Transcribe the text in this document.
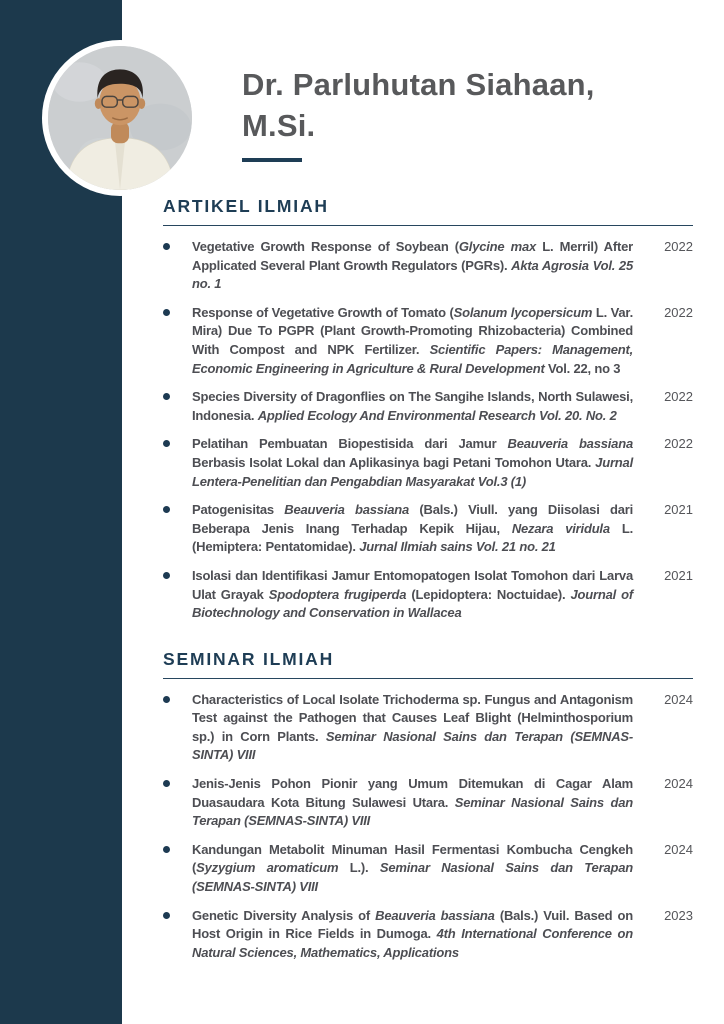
Dr. Parluhutan Siahaan,
M.Si.
ARTIKEL ILMIAH

Vegetative Growth Response of Soybean (Glycine max L. Merril) After Applicated Several Plant Growth Regulators (PGRs). Akta Agrosia Vol. 25 no. 1

2022

Response of Vegetative Growth of Tomato (Solanum lycopersicum L. Var. Mira) Due To PGPR (Plant Growth-Promoting Rhizobacteria) Combined With Compost and NPK Fertilizer. Scientific Papers: Management, Economic Engineering in Agriculture & Rural Development Vol. 22, no 3

2022

Species Diversity of Dragonflies on The Sangihe Islands, North Sulawesi, Indonesia. Applied Ecology And Environmental Research Vol. 20. No. 2

2022

Pelatihan Pembuatan Biopestisida dari Jamur Beauveria bassiana Berbasis Isolat Lokal dan Aplikasinya bagi Petani Tomohon Utara. Jurnal Lentera-Penelitian dan Pengabdian Masyarakat Vol.3 (1)

2022

Patogenisitas Beauveria bassiana (Bals.) Viull. yang Diisolasi dari Beberapa Jenis Inang Terhadap Kepik Hijau, Nezara viridula L. (Hemiptera: Pentatomidae). Jurnal Ilmiah sains Vol. 21 no. 21

2021

Isolasi dan Identifikasi Jamur Entomopatogen Isolat Tomohon dari Larva Ulat Grayak Spodoptera frugiperda (Lepidoptera: Noctuidae). Journal of Biotechnology and Conservation in Wallacea

2021
SEMINAR ILMIAH

Characteristics of Local Isolate Trichoderma sp. Fungus and Antagonism Test against the Pathogen that Causes Leaf Blight (Helminthosporium sp.) in Corn Plants. Seminar Nasional Sains dan Terapan (SEMNAS-SINTA) VIII

2024

Jenis-Jenis Pohon Pionir yang Umum Ditemukan di Cagar Alam Duasaudara Kota Bitung Sulawesi Utara. Seminar Nasional Sains dan Terapan (SEMNAS-SINTA) VIII

2024

Kandungan Metabolit Minuman Hasil Fermentasi Kombucha Cengkeh (Syzygium aromaticum L.). Seminar Nasional Sains dan Terapan (SEMNAS-SINTA) VIII

2024

Genetic Diversity Analysis of Beauveria bassiana (Bals.) Vuil. Based on Host Origin in Rice Fields in Dumoga. 4th International Conference on Natural Sciences, Mathematics, Applications

2023
